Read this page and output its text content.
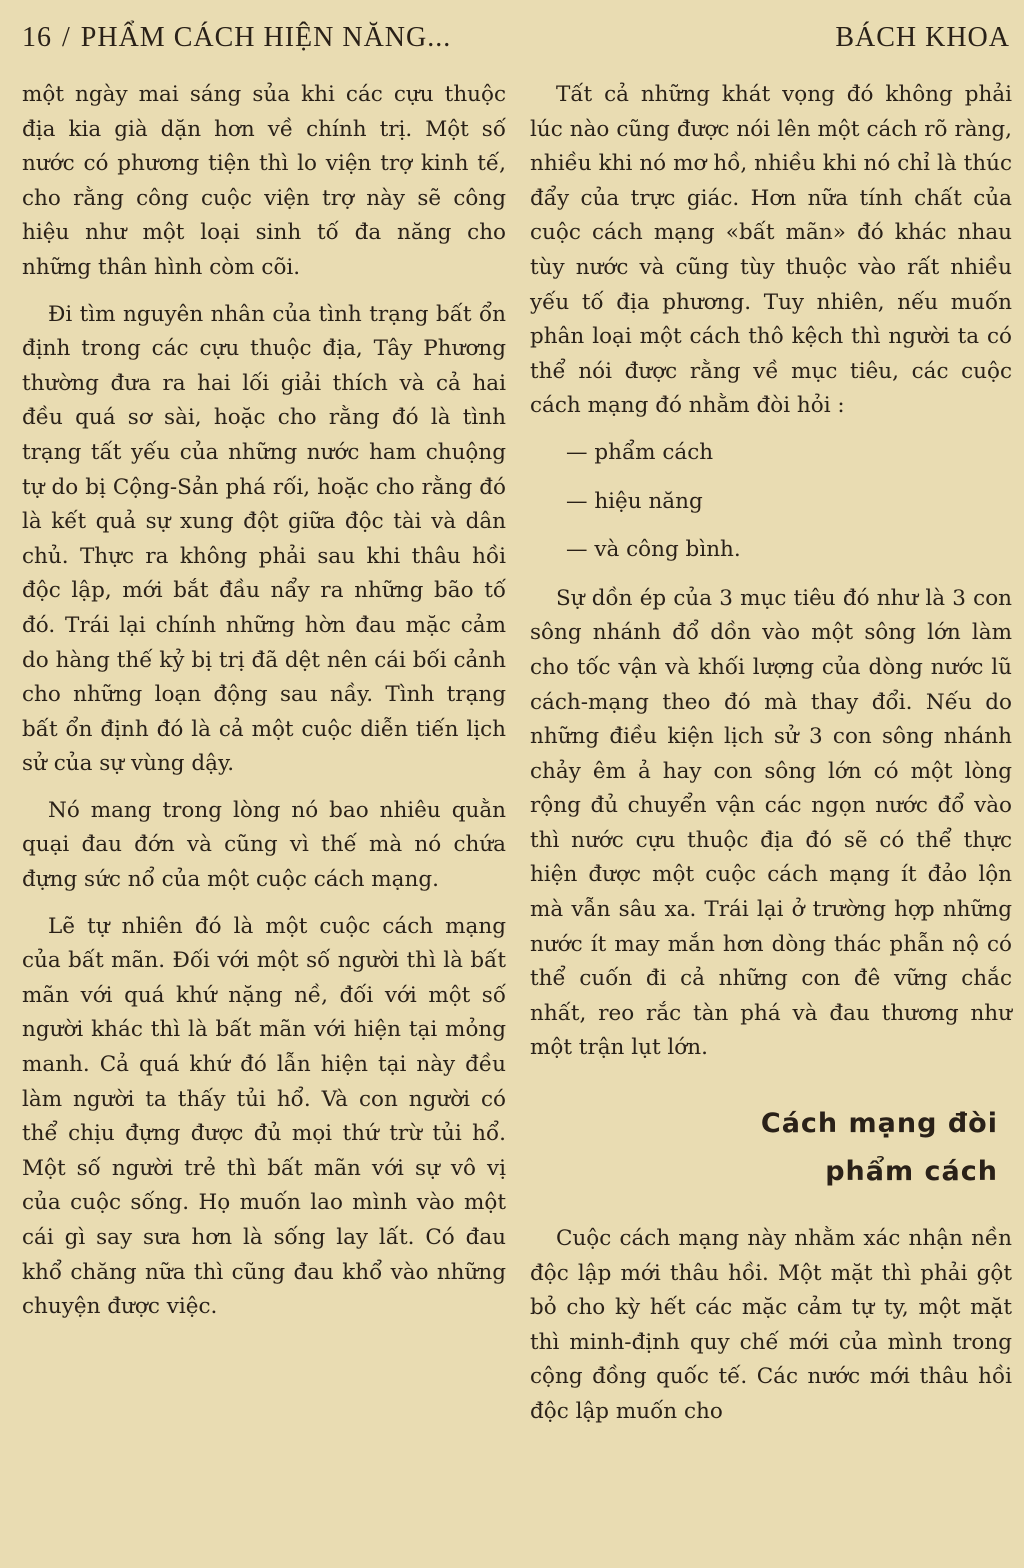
16 / PHẨM CÁCH HIỆN NĂNG...	BÁCH KHOA

một ngày mai sáng sủa khi các cựu thuộc địa kia già dặn hơn về chính trị. Một số nước có phương tiện thì lo viện trợ kinh tế, cho rằng công cuộc viện trợ này sẽ công hiệu như một loại sinh tố đa năng cho những thân hình còm cõi.

Đi tìm nguyên nhân của tình trạng bất ổn định trong các cựu thuộc địa, Tây Phương thường đưa ra hai lối giải thích và cả hai đều quá sơ sài, hoặc cho rằng đó là tình trạng tất yếu của những nước ham chuộng tự do bị Cộng-Sản phá rối, hoặc cho rằng đó là kết quả sự xung đột giữa độc tài và dân chủ. Thực ra không phải sau khi thâu hồi độc lập, mới bắt đầu nẩy ra những bão tố đó. Trái lại chính những hờn đau mặc cảm do hàng thế kỷ bị trị đã dệt nên cái bối cảnh cho những loạn động sau nầy. Tình trạng bất ổn định đó là cả một cuộc diễn tiến lịch sử của sự vùng dậy.

Nó mang trong lòng nó bao nhiêu quằn quại đau đớn và cũng vì thế mà nó chứa đựng sức nổ của một cuộc cách mạng.

Lẽ tự nhiên đó là một cuộc cách mạng của bất mãn. Đối với một số người thì là bất mãn với quá khứ nặng nề, đối với một số người khác thì là bất mãn với hiện tại mỏng manh. Cả quá khứ đó lẫn hiện tại này đều làm người ta thấy tủi hổ. Và con người có thể chịu đựng được đủ mọi thứ trừ tủi hổ. Một số người trẻ thì bất mãn với sự vô vị của cuộc sống. Họ muốn lao mình vào một cái gì say sưa hơn là sống lay lất. Có đau khổ chăng nữa thì cũng đau khổ vào những chuyện được việc.

Tất cả những khát vọng đó không phải lúc nào cũng được nói lên một cách rõ ràng, nhiều khi nó mơ hồ, nhiều khi nó chỉ là thúc đẩy của trực giác. Hơn nữa tính chất của cuộc cách mạng «bất mãn» đó khác nhau tùy nước và cũng tùy thuộc vào rất nhiều yếu tố địa phương. Tuy nhiên, nếu muốn phân loại một cách thô kệch thì người ta có thể nói được rằng về mục tiêu, các cuộc cách mạng đó nhằm đòi hỏi :

— phẩm cách
— hiệu năng
— và công bình.

Sự dồn ép của 3 mục tiêu đó như là 3 con sông nhánh đổ dồn vào một sông lớn làm cho tốc vận và khối lượng của dòng nước lũ cách-mạng theo đó mà thay đổi. Nếu do những điều kiện lịch sử 3 con sông nhánh chảy êm ả hay con sông lớn có một lòng rộng đủ chuyển vận các ngọn nước đổ vào thì nước cựu thuộc địa đó sẽ có thể thực hiện được một cuộc cách mạng ít đảo lộn mà vẫn sâu xa. Trái lại ở trường hợp những nước ít may mắn hơn dòng thác phẫn nộ có thể cuốn đi cả những con đê vững chắc nhất, reo rắc tàn phá và đau thương như một trận lụt lớn.

Cách mạng đòi
phẩm cách

Cuộc cách mạng này nhằm xác nhận nền độc lập mới thâu hồi. Một mặt thì phải gột bỏ cho kỳ hết các mặc cảm tự ty, một mặt thì minh-định quy chế mới của mình trong cộng đồng quốc tế. Các nước mới thâu hồi độc lập muốn cho
